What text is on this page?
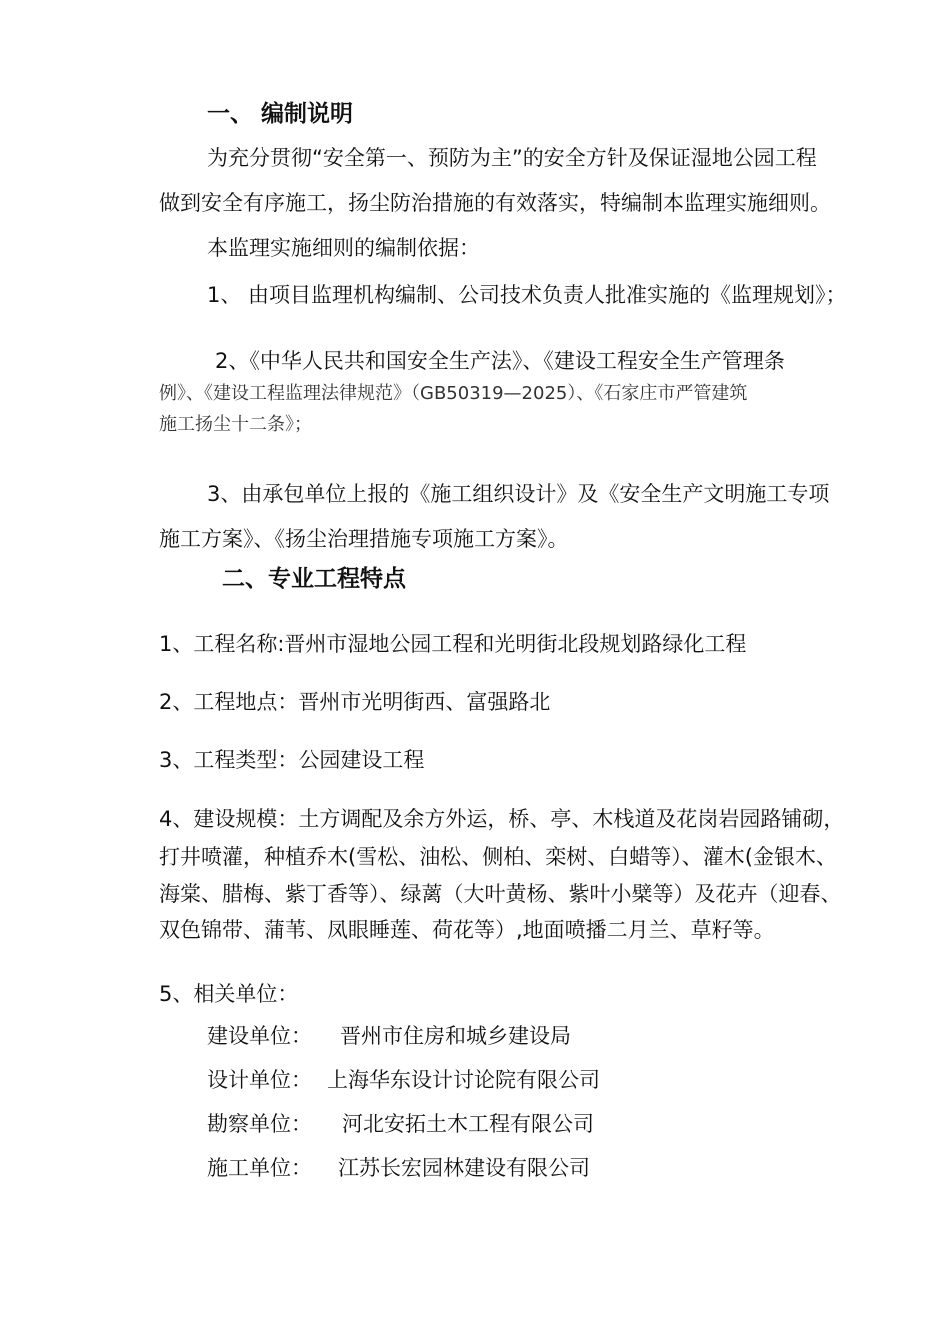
一、 编制说明
为充分贯彻“安全第一、预防为主”的安全方针及保证湿地公园工程
做到安全有序施工，扬尘防治措施的有效落实，特编制本监理实施细则。
本监理实施细则的编制依据：
1、 由项目监理机构编制、公司技术负责人批准实施的《监理规划》；
2、《中华人民共和国安全生产法》、《建设工程安全生产管理条
例》、《建设工程监理法律规范》（GB50319—2025）、《石家庄市严管建筑
施工扬尘十二条》；
3、由承包单位上报的《施工组织设计》及《安全生产文明施工专项
施工方案》、《扬尘治理措施专项施工方案》。
二、专业工程特点
1、工程名称:晋州市湿地公园工程和光明街北段规划路绿化工程
2、工程地点：晋州市光明街西、富强路北
3、工程类型：公园建设工程
4、建设规模：土方调配及余方外运，桥、亭、木栈道及花岗岩园路铺砌，
打井喷灌，种植乔木(雪松、油松、侧柏、栾树、白蜡等）、灌木(金银木、
海棠、腊梅、紫丁香等）、绿蓠（大叶黄杨、紫叶小檗等）及花卉（迎春、
双色锦带、蒲苇、凤眼睡莲、荷花等）,地面喷播二月兰、草籽等。
5、相关单位：
建设单位： 晋州市住房和城乡建设局
设计单位： 上海华东设计讨论院有限公司
勘察单位： 河北安拓土木工程有限公司
施工单位： 江苏长宏园林建设有限公司
